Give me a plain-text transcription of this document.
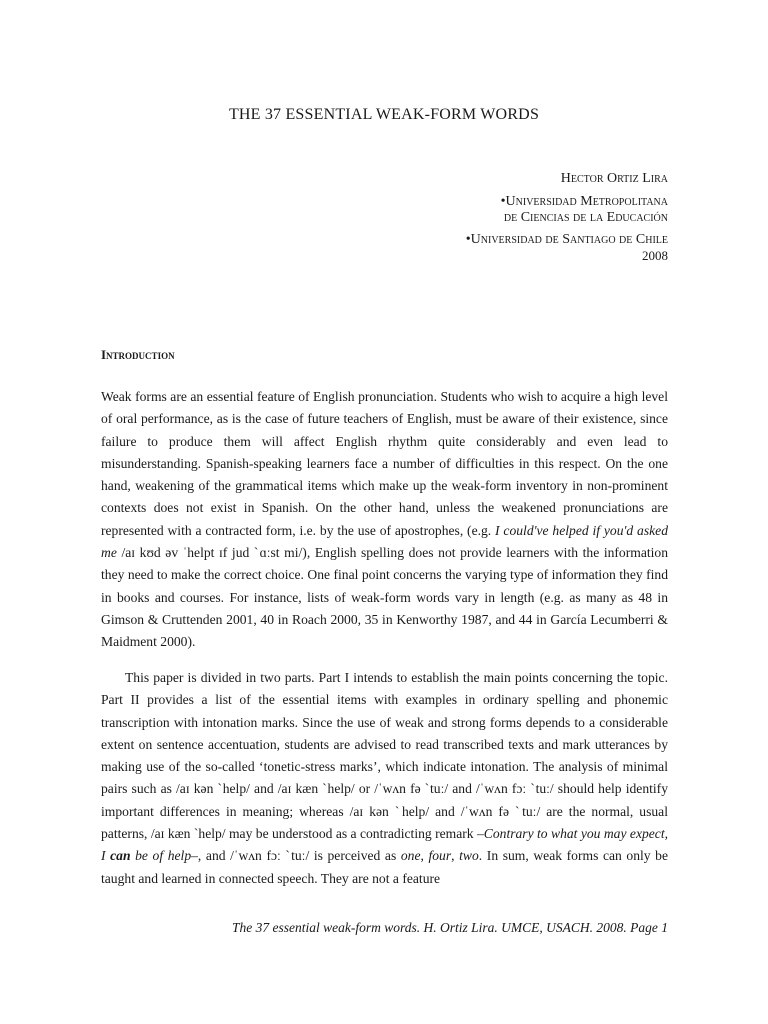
THE 37 ESSENTIAL WEAK-FORM WORDS
Hector Ortiz Lira
•Universidad Metropolitana
de Ciencias de la Educación
•Universidad de Santiago de Chile
2008
Introduction

Weak forms are an essential feature of English pronunciation. Students who wish to acquire a high level of oral performance, as is the case of future teachers of English, must be aware of their existence, since failure to produce them will affect English rhythm quite considerably and even lead to misunderstanding. Spanish-speaking learners face a number of difficulties in this respect. On the one hand, weakening of the grammatical items which make up the weak-form inventory in non-prominent contexts does not exist in Spanish. On the other hand, unless the weakened pronunciations are represented with a contracted form, i.e. by the use of apostrophes, (e.g. I could've helped if you'd asked me /aɪ kʊd əv ˈhelpt ɪf jud ˋɑːst mi/), English spelling does not provide learners with the information they need to make the correct choice. One final point concerns the varying type of information they find in books and courses. For instance, lists of weak-form words vary in length (e.g. as many as 48 in Gimson & Cruttenden 2001, 40 in Roach 2000, 35 in Kenworthy 1987, and 44 in García Lecumberri & Maidment 2000).

This paper is divided in two parts. Part I intends to establish the main points concerning the topic. Part II provides a list of the essential items with examples in ordinary spelling and phonemic transcription with intonation marks. Since the use of weak and strong forms depends to a considerable extent on sentence accentuation, students are advised to read transcribed texts and mark utterances by making use of the so-called ‘tonetic-stress marks’, which indicate intonation. The analysis of minimal pairs such as /aɪ kən ˋhelp/ and /aɪ kæn ˋhelp/ or /ˈwʌn fə ˋtuː/ and /ˈwʌn fɔː ˋtuː/ should help identify important differences in meaning; whereas /aɪ kən ˋhelp/ and /ˈwʌn fə ˋtuː/ are the normal, usual patterns, /aɪ kæn ˋhelp/ may be understood as a contradicting remark –Contrary to what you may expect, I can be of help–, and /ˈwʌn fɔː ˋtuː/ is perceived as one, four, two. In sum, weak forms can only be taught and learned in connected speech. They are not a feature

The 37 essential weak-form words. H. Ortiz Lira. UMCE, USACH. 2008. Page 1
